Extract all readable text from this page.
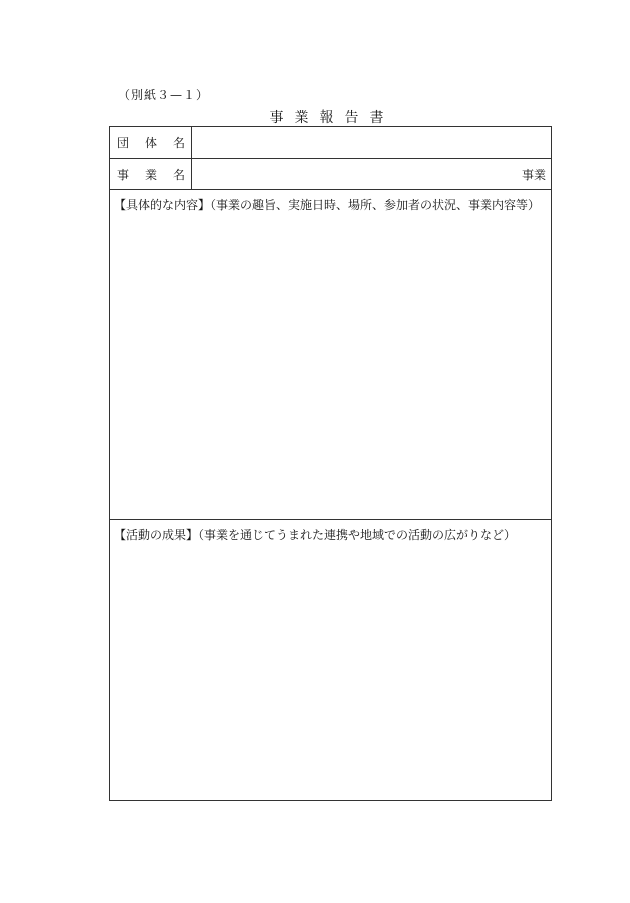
（別紙３—１）
事業報告書
団 体 名
事 業 名	事業
【具体的な内容】（事業の趣旨、実施日時、場所、参加者の状況、事業内容等）
【活動の成果】（事業を通じてうまれた連携や地域での活動の広がりなど）
